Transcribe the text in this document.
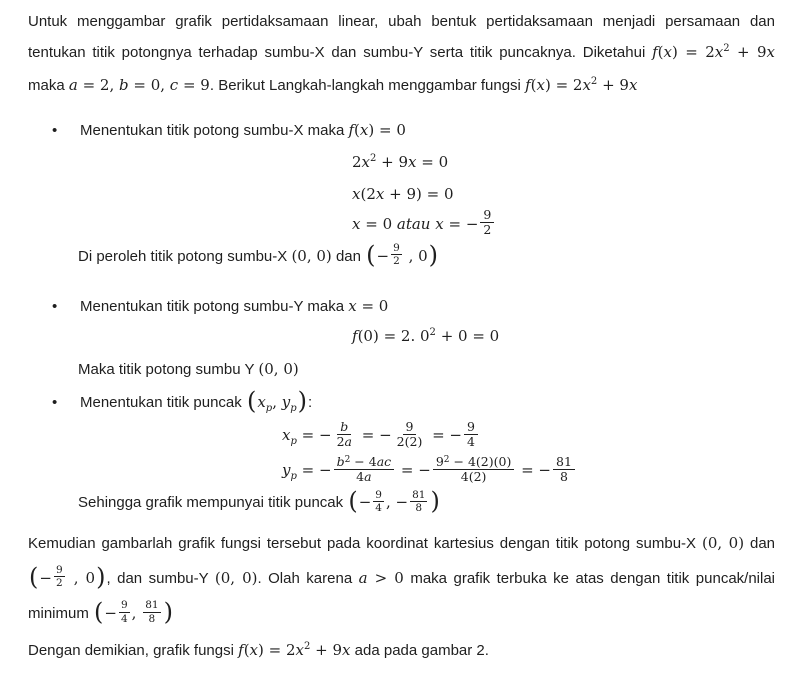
Untuk menggambar grafik pertidaksamaan linear, ubah bentuk pertidaksamaan menjadi persamaan dan tentukan titik potongnya terhadap sumbu-X dan sumbu-Y serta titik puncaknya. Diketahui $f(x) = 2x^2 + 9x$ maka a = 2, b = 0, c = 9. Berikut Langkah-langkah menggambar fungsi $f(x) = 2x^2 + 9x$
•	Menentukan titik potong sumbu-X maka f(x) = 0
$2x^2 + 9x = 0$
x(2x + 9) = 0
x = 0 atau x = − $\frac{9}{2}$
Di peroleh titik potong sumbu-X (0, 0) dan (− $\frac{9}{2}$ , 0)
•	Menentukan titik potong sumbu-Y maka x = 0
f(0) = 2. $0^2 + 0 = 0$
Maka titik potong sumbu Y (0, 0)
•	Menentukan titik puncak ($x_p$, $y_p$):
$x_p$ = − $\frac{b}{2a}$ = − $\frac{9}{2(2)}$ = − $\frac{9}{4}$
$y_p$ = − $\frac{b^2 - 4ac}{4a}$ = − $\frac{9^2 - 4(2)(0)}{4(2)}$ = − $\frac{81}{8}$
Sehingga grafik mempunyai titik puncak (− $\frac{9}{4}$ , − $\frac{81}{8}$ )
Kemudian gambarlah grafik fungsi tersebut pada koordinat kartesius dengan titik potong sumbu-X (0, 0) dan (− $\frac{9}{2}$ , 0), dan sumbu-Y (0, 0). Olah karena a > 0 maka grafik terbuka ke atas dengan titik puncak/nilai minimum (− $\frac{9}{4}$ , $\frac{81}{8}$ )
Dengan demikian, grafik fungsi $f(x) = 2x^2 + 9x$ ada pada gambar 2.
